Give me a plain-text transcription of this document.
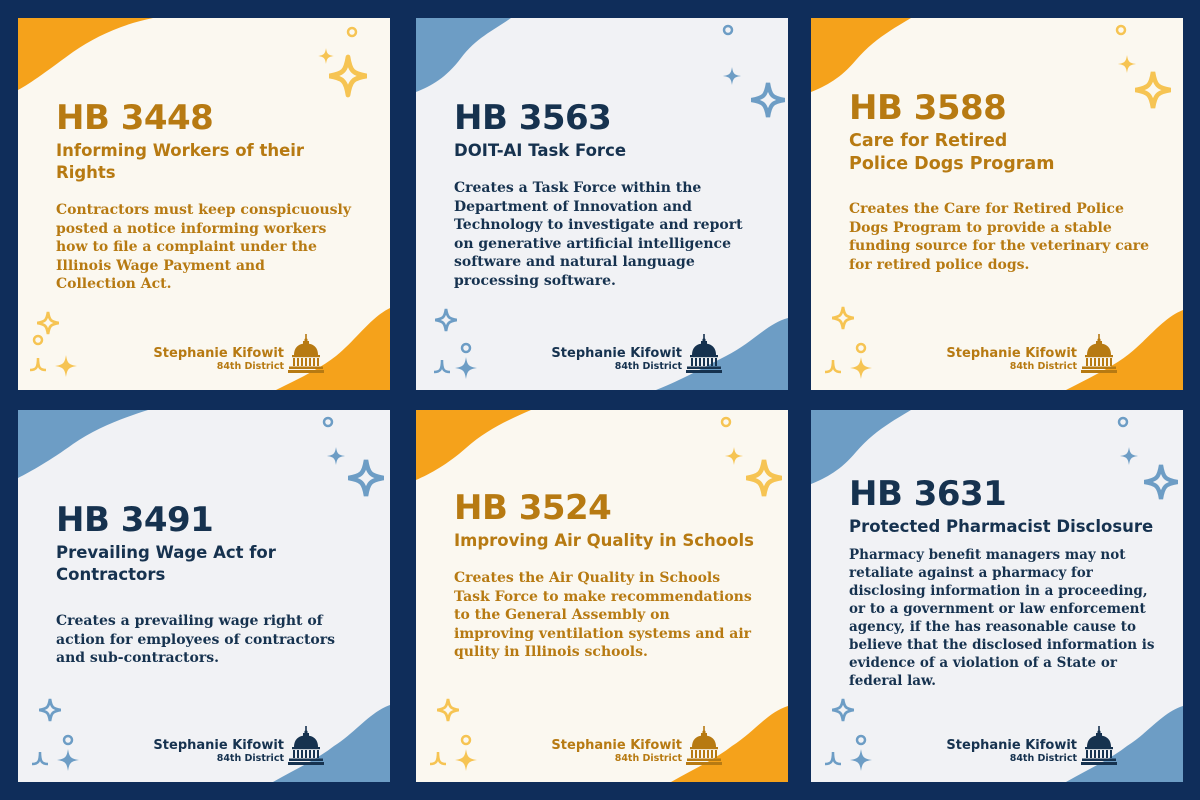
HB 3448
Informing Workers of their Rights

Contractors must keep conspicuously
posted a notice informing workers
how to file a complaint under the
Illinois Wage Payment and
Collection Act.

Stephanie Kifowit
84th District
HB 3563
DOIT-AI Task Force

Creates a Task Force within the
Department of Innovation and
Technology to investigate and report
on generative artificial intelligence
software and natural language
processing software.

Stephanie Kifowit
84th District
HB 3588
Care for Retired
Police Dogs Program

Creates the Care for Retired Police
Dogs Program to provide a stable
funding source for the veterinary care
for retired police dogs.

Stephanie Kifowit
84th District
HB 3491
Prevailing Wage Act for Contractors

Creates a prevailing wage right of
action for employees of contractors
and sub-contractors.

Stephanie Kifowit
84th District
HB 3524
Improving Air Quality in Schools

Creates the Air Quality in Schools
Task Force to make recommendations
to the General Assembly on
improving ventilation systems and air
qulity in Illinois schools.

Stephanie Kifowit
84th District
HB 3631
Protected Pharmacist Disclosure

Pharmacy benefit managers may not
retaliate against a pharmacy for
disclosing information in a proceeding,
or to a government or law enforcement
agency, if the has reasonable cause to
believe that the disclosed information is
evidence of a violation of a State or
federal law.

Stephanie Kifowit
84th District
